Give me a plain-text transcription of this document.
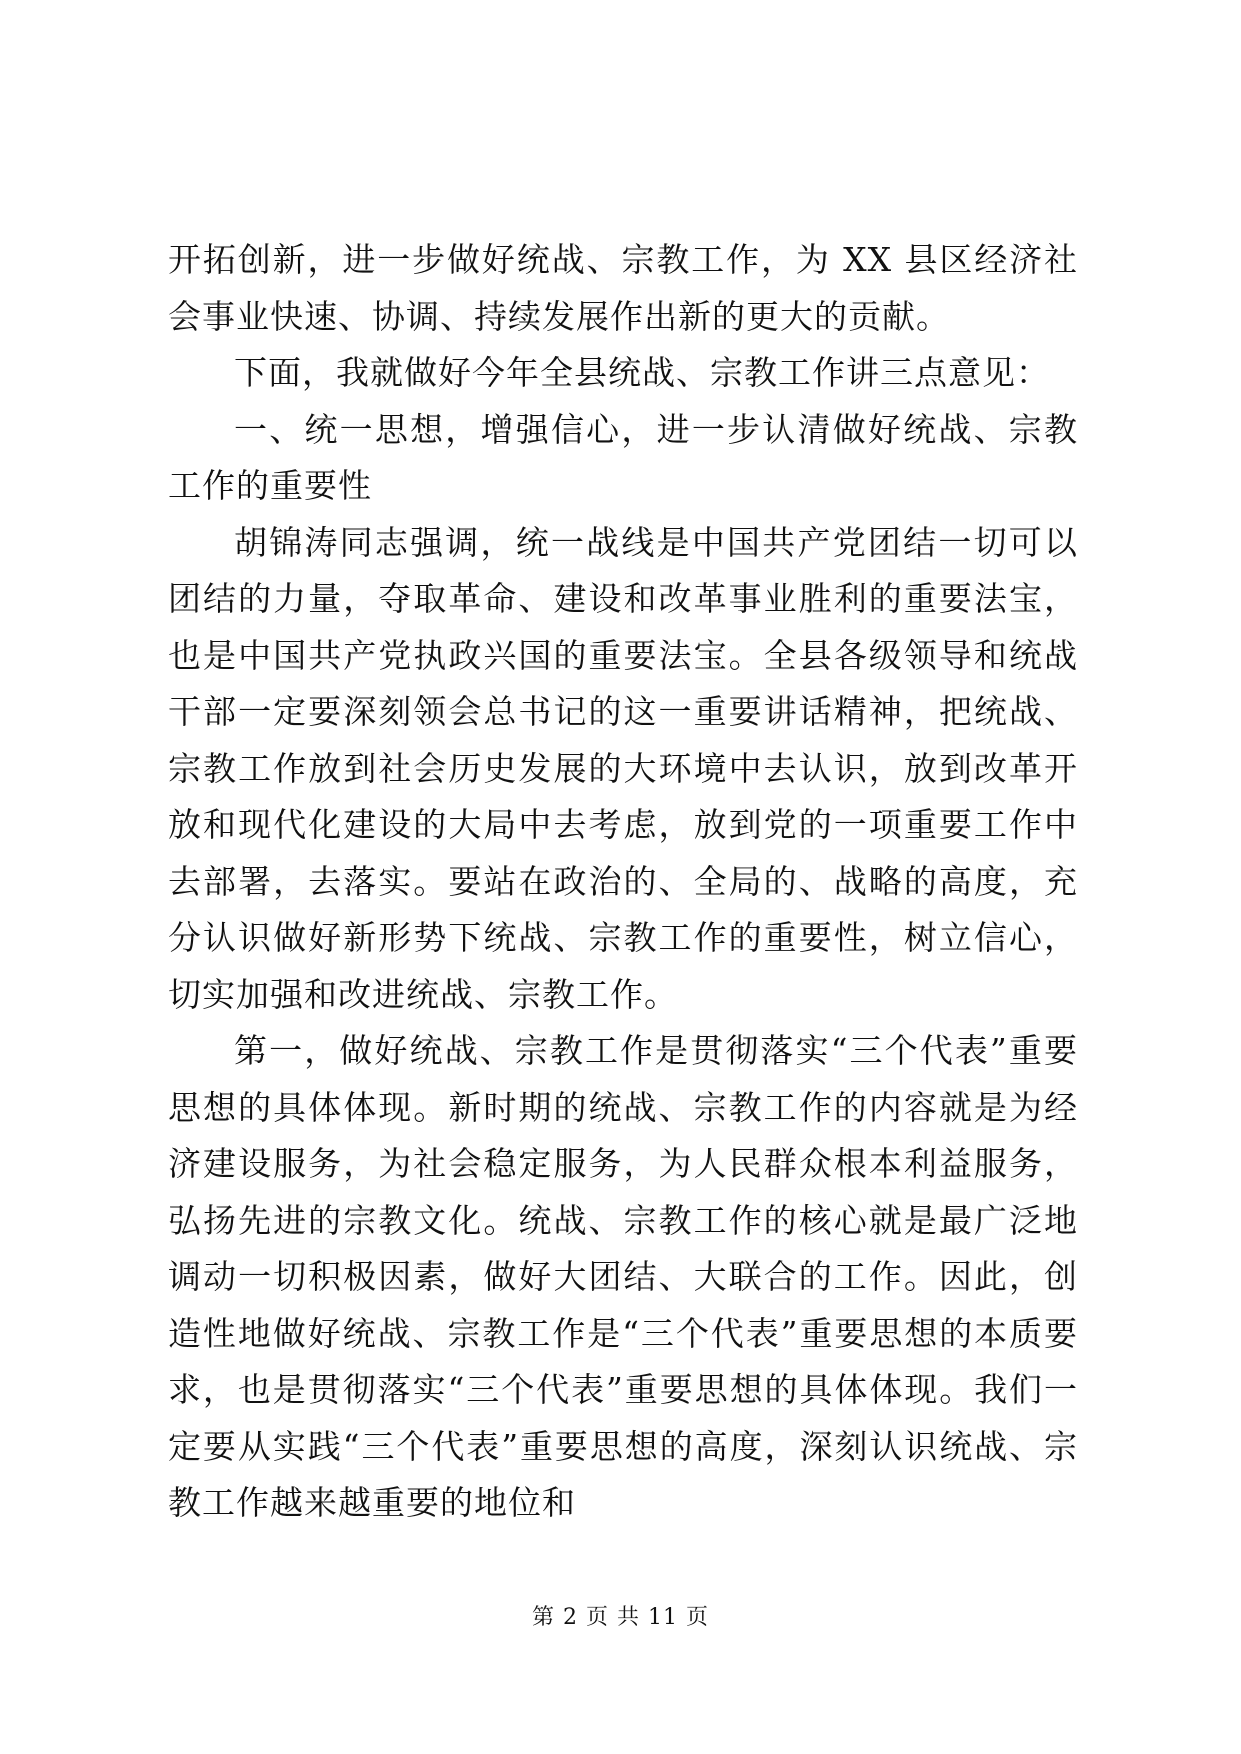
开拓创新，进一步做好统战、宗教工作，为 XX 县区经济社会事业快速、协调、持续发展作出新的更大的贡献。

下面，我就做好今年全县统战、宗教工作讲三点意见：

一、统一思想，增强信心，进一步认清做好统战、宗教工作的重要性

胡锦涛同志强调，统一战线是中国共产党团结一切可以团结的力量，夺取革命、建设和改革事业胜利的重要法宝，也是中国共产党执政兴国的重要法宝。全县各级领导和统战干部一定要深刻领会总书记的这一重要讲话精神，把统战、宗教工作放到社会历史发展的大环境中去认识，放到改革开放和现代化建设的大局中去考虑，放到党的一项重要工作中去部署，去落实。要站在政治的、全局的、战略的高度，充分认识做好新形势下统战、宗教工作的重要性，树立信心，切实加强和改进统战、宗教工作。

第一，做好统战、宗教工作是贯彻落实“三个代表”重要思想的具体体现。新时期的统战、宗教工作的内容就是为经济建设服务，为社会稳定服务，为人民群众根本利益服务，弘扬先进的宗教文化。统战、宗教工作的核心就是最广泛地调动一切积极因素，做好大团结、大联合的工作。因此，创造性地做好统战、宗教工作是“三个代表”重要思想的本质要求，也是贯彻落实“三个代表”重要思想的具体体现。我们一定要从实践“三个代表”重要思想的高度，深刻认识统战、宗教工作越来越重要的地位和

第 2 页 共 11 页
